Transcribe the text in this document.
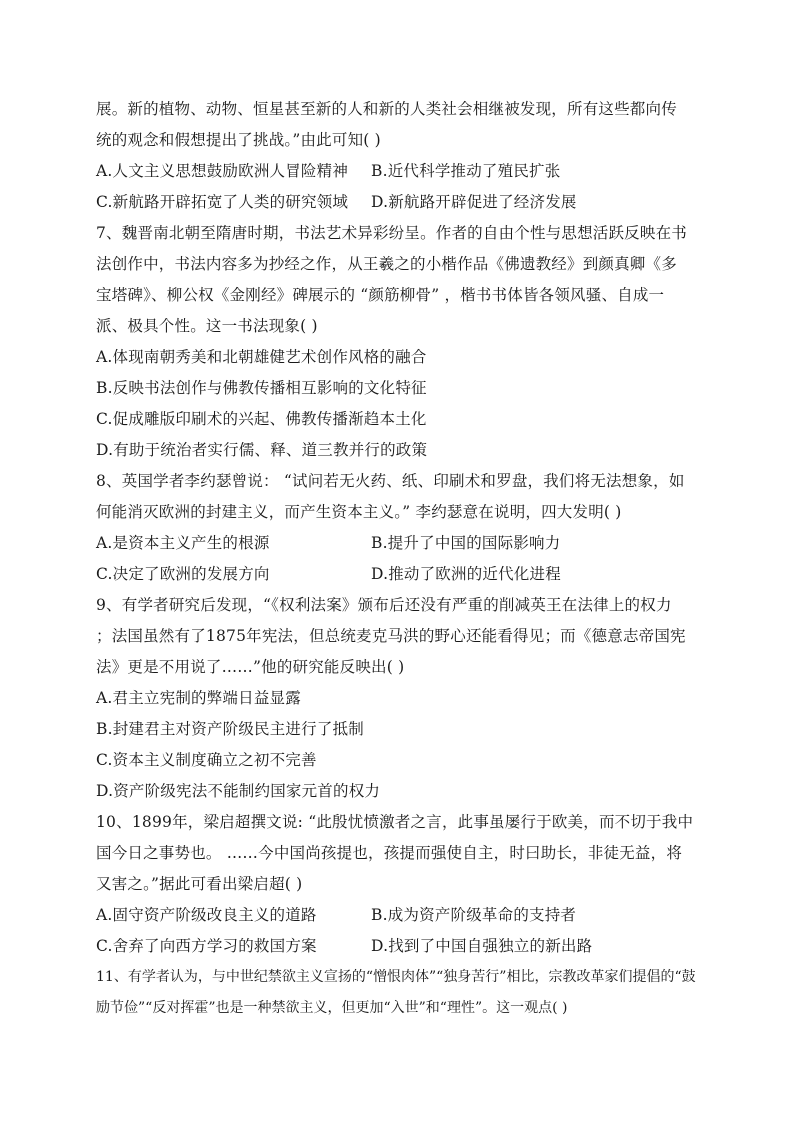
展。新的植物、动物、恒星甚至新的人和新的人类社会相继被发现，所有这些都向传
统的观念和假想提出了挑战。”由此可知( )
A.人文主义思想鼓励欧洲人冒险精神 B.近代科学推动了殖民扩张
C.新航路开辟拓宽了人类的研究领域 D.新航路开辟促进了经济发展
7、魏晋南北朝至隋唐时期，书法艺术异彩纷呈。作者的自由个性与思想活跃反映在书
法创作中，书法内容多为抄经之作，从王羲之的小楷作品《佛遗教经》到颜真卿《多
宝塔碑》、柳公权《金刚经》碑展示的 “颜筋柳骨” ，楷书书体皆各领风骚、自成一
派、极具个性。这一书法现象( )
A.体现南朝秀美和北朝雄健艺术创作风格的融合
B.反映书法创作与佛教传播相互影响的文化特征
C.促成雕版印刷术的兴起、佛教传播渐趋本土化
D.有助于统治者实行儒、释、道三教并行的政策
8、英国学者李约瑟曾说： “试问若无火药、纸、印刷术和罗盘，我们将无法想象，如
何能消灭欧洲的封建主义，而产生资本主义。” 李约瑟意在说明，四大发明( )
A.是资本主义产生的根源	B.提升了中国的国际影响力
C.决定了欧洲的发展方向	D.推动了欧洲的近代化进程
9、有学者研究后发现，“《权利法案》颁布后还没有严重的削减英王在法律上的权力
；法国虽然有了1875年宪法，但总统麦克马洪的野心还能看得见；而《德意志帝国宪
法》更是不用说了……”他的研究能反映出( )
A.君主立宪制的弊端日益显露
B.封建君主对资产阶级民主进行了抵制
C.资本主义制度确立之初不完善
D.资产阶级宪法不能制约国家元首的权力
10、1899年，梁启超撰文说: “此殷忧愤激者之言，此事虽屡行于欧美，而不切于我中
国今日之事势也。 ……今中国尚孩提也，孩提而强使自主，时曰助长，非徒无益，将
又害之。”据此可看出梁启超( )
A.固守资产阶级改良主义的道路	B.成为资产阶级革命的支持者
C.舍弃了向西方学习的救国方案	D.找到了中国自强独立的新出路
11、有学者认为，与中世纪禁欲主义宣扬的“憎恨肉体”“独身苦行”相比，宗教改革家们提倡的“鼓
励节俭”“反对挥霍”也是一种禁欲主义，但更加“入世”和“理性”。这一观点( )
